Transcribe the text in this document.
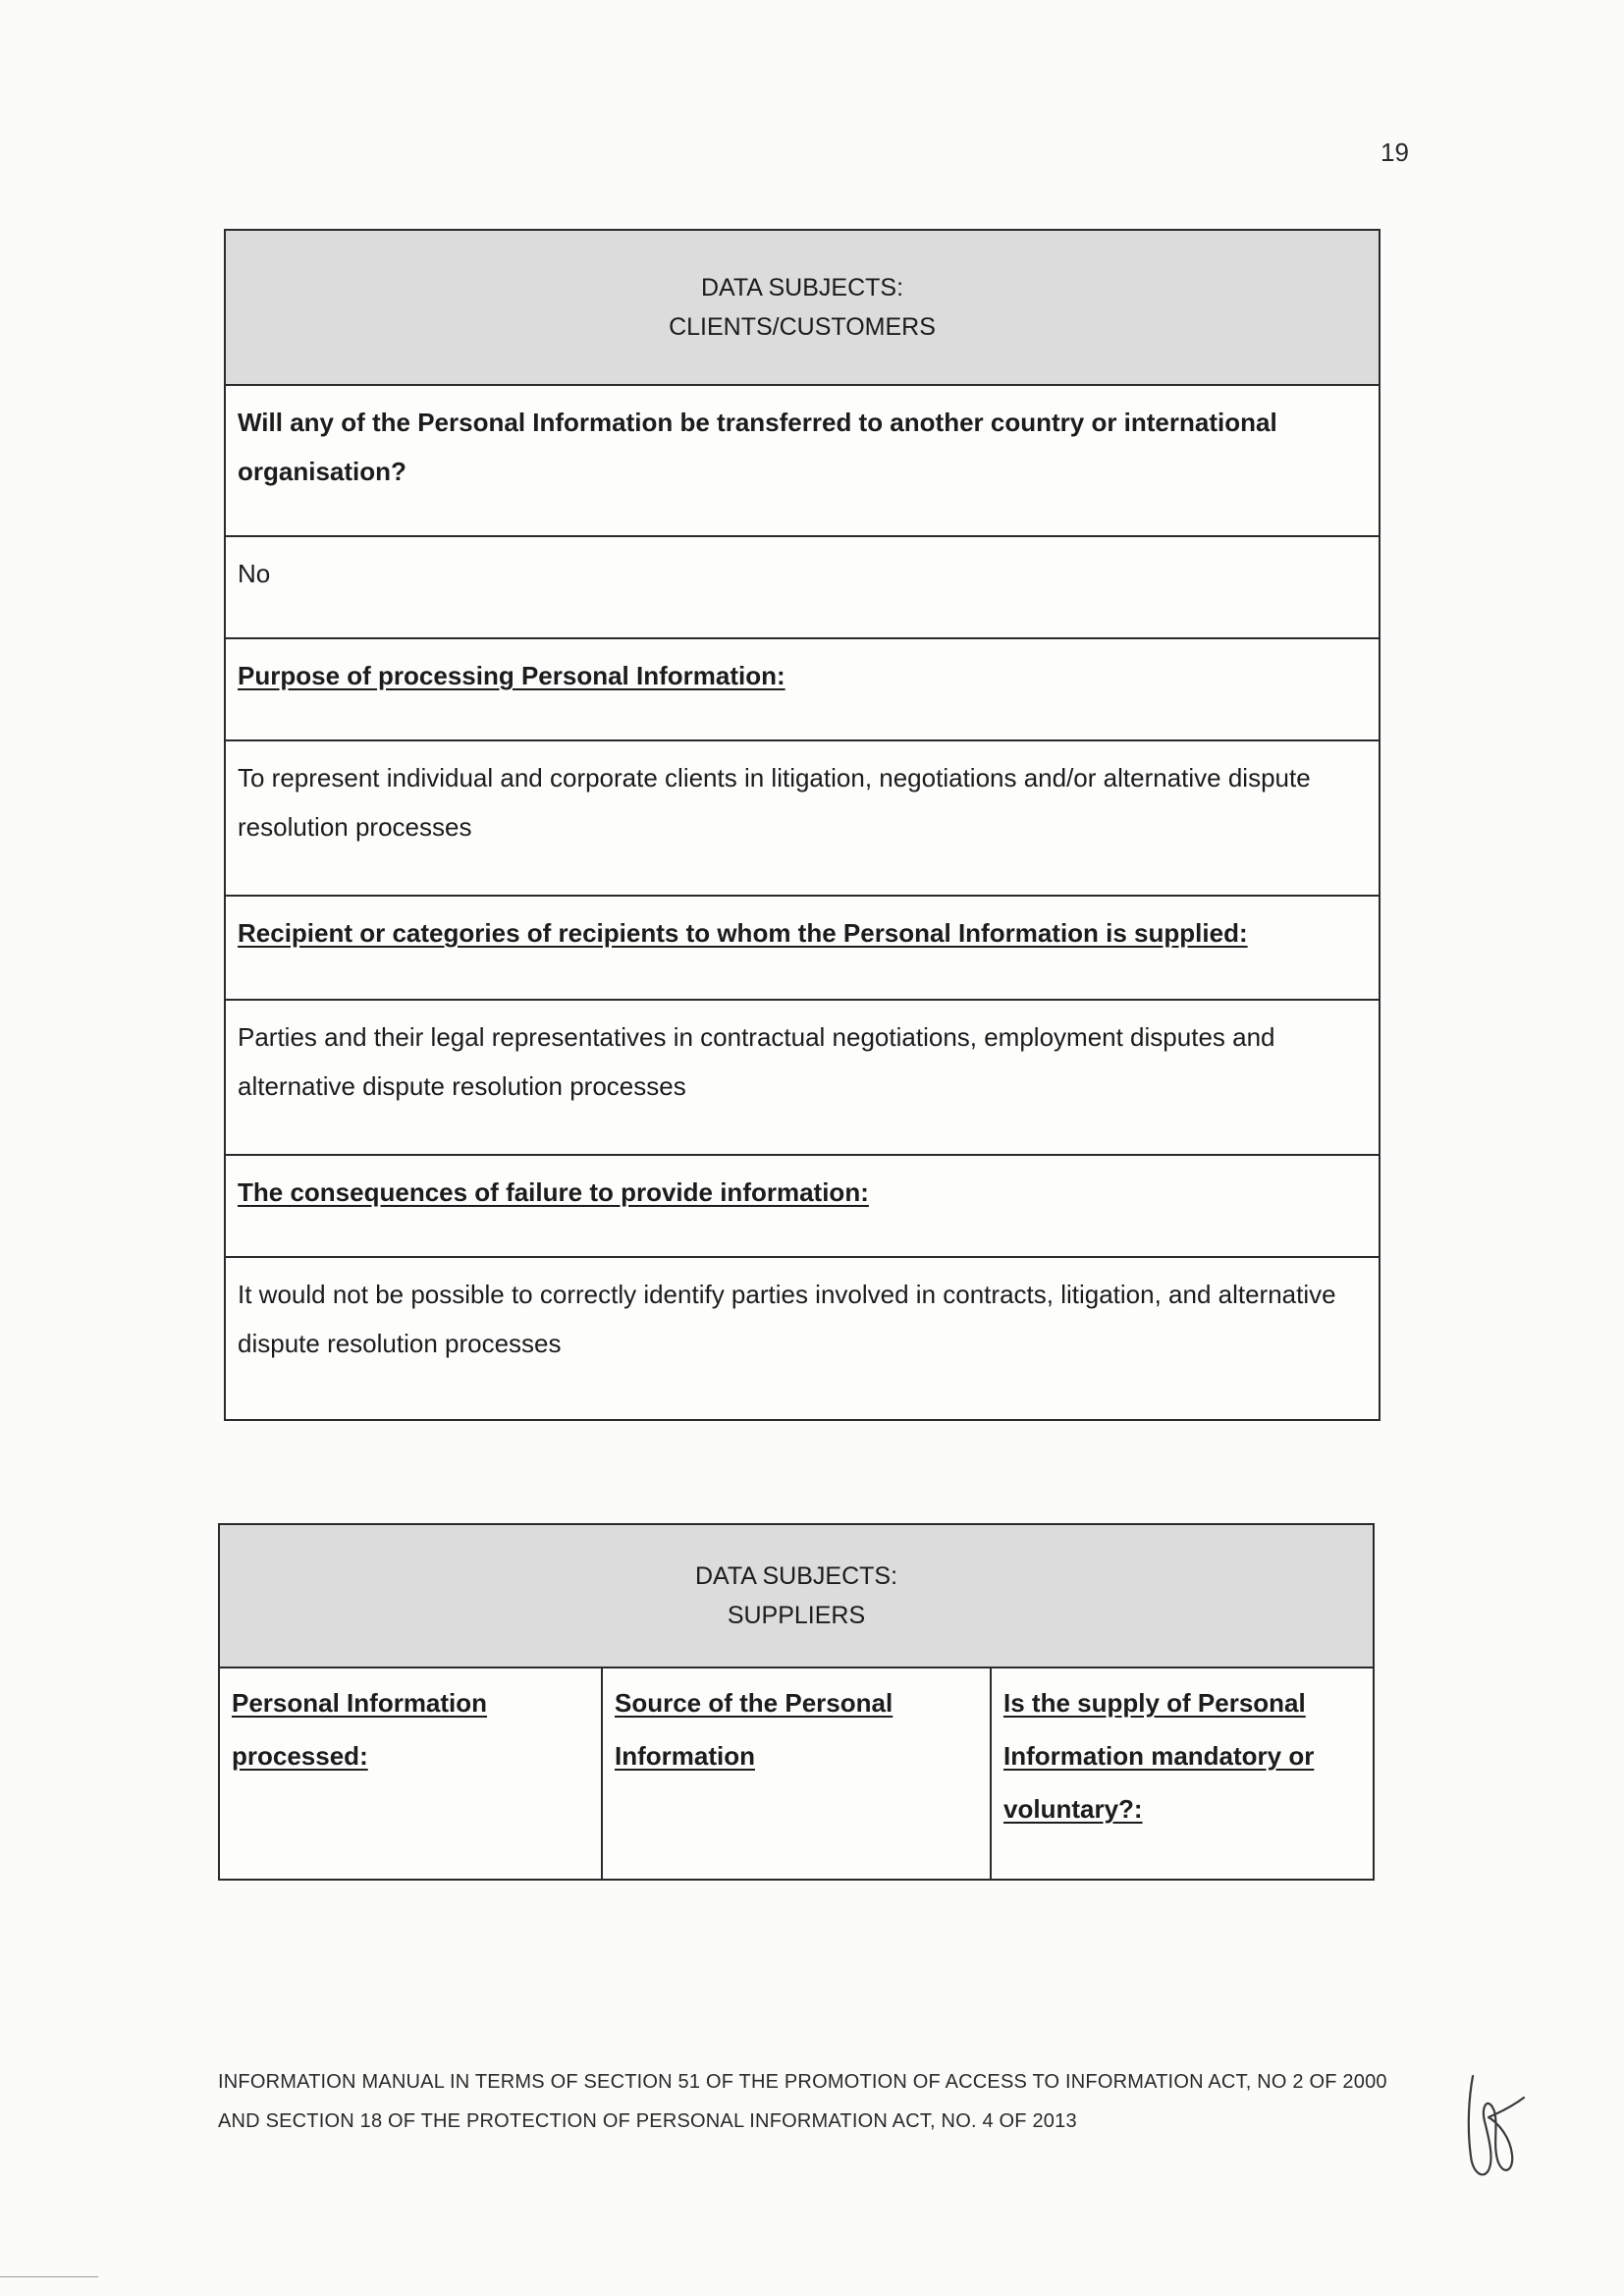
19
DATA SUBJECTS:
CLIENTS/CUSTOMERS
Will any of the Personal Information be transferred to another country or international organisation?
No
Purpose of processing Personal Information:
To represent individual and corporate clients in litigation, negotiations and/or alternative dispute resolution processes
Recipient or categories of recipients to whom the Personal Information is supplied:
Parties and their legal representatives in contractual negotiations, employment disputes and alternative dispute resolution processes
The consequences of failure to provide information:
It would not be possible to correctly identify parties involved in contracts, litigation, and alternative dispute resolution processes
DATA SUBJECTS:
SUPPLIERS
Personal Information processed:
Source of the Personal Information
Is the supply of Personal Information mandatory or voluntary?:
INFORMATION MANUAL IN TERMS OF SECTION 51 OF THE PROMOTION OF ACCESS TO INFORMATION ACT, NO 2 OF 2000
AND SECTION 18 OF THE PROTECTION OF PERSONAL INFORMATION ACT, NO. 4 OF 2013
